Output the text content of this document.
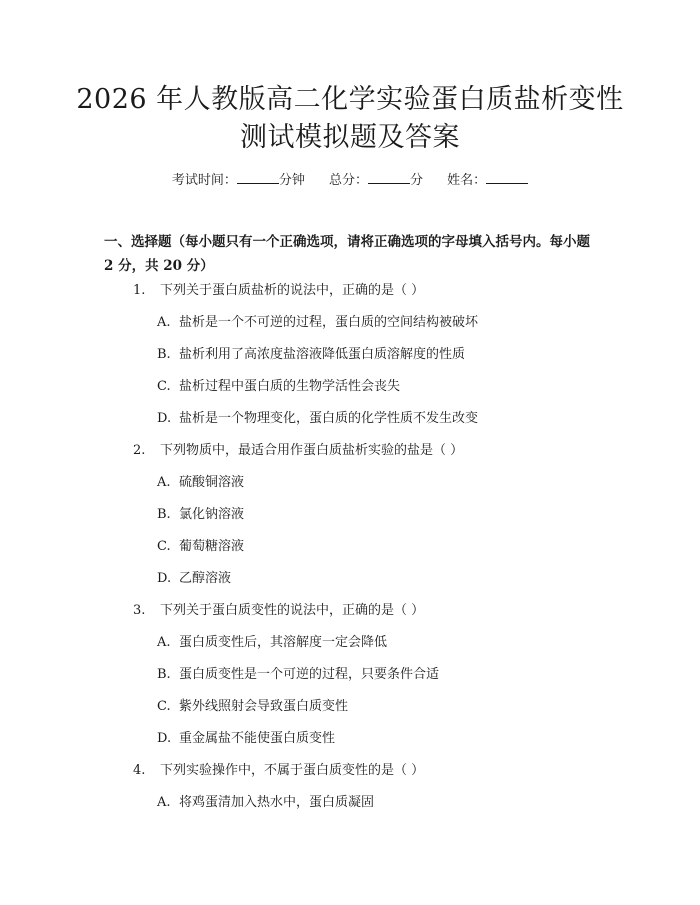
2026 年人教版高二化学实验蛋白质盐析变性
测试模拟题及答案
考试时间：	分钟 总分：	分 姓名：
一、选择题（每小题只有一个正确选项，请将正确选项的字母填入括号内。每小题 2 分，共 20 分）
1. 下列关于蛋白质盐析的说法中，正确的是（ ）
A. 盐析是一个不可逆的过程，蛋白质的空间结构被破坏
B. 盐析利用了高浓度盐溶液降低蛋白质溶解度的性质
C. 盐析过程中蛋白质的生物学活性会丧失
D. 盐析是一个物理变化，蛋白质的化学性质不发生改变
2. 下列物质中，最适合用作蛋白质盐析实验的盐是（ ）
A. 硫酸铜溶液
B. 氯化钠溶液
C. 葡萄糖溶液
D. 乙醇溶液
3. 下列关于蛋白质变性的说法中，正确的是（ ）
A. 蛋白质变性后，其溶解度一定会降低
B. 蛋白质变性是一个可逆的过程，只要条件合适
C. 紫外线照射会导致蛋白质变性
D. 重金属盐不能使蛋白质变性
4. 下列实验操作中，不属于蛋白质变性的是（ ）
A. 将鸡蛋清加入热水中，蛋白质凝固
